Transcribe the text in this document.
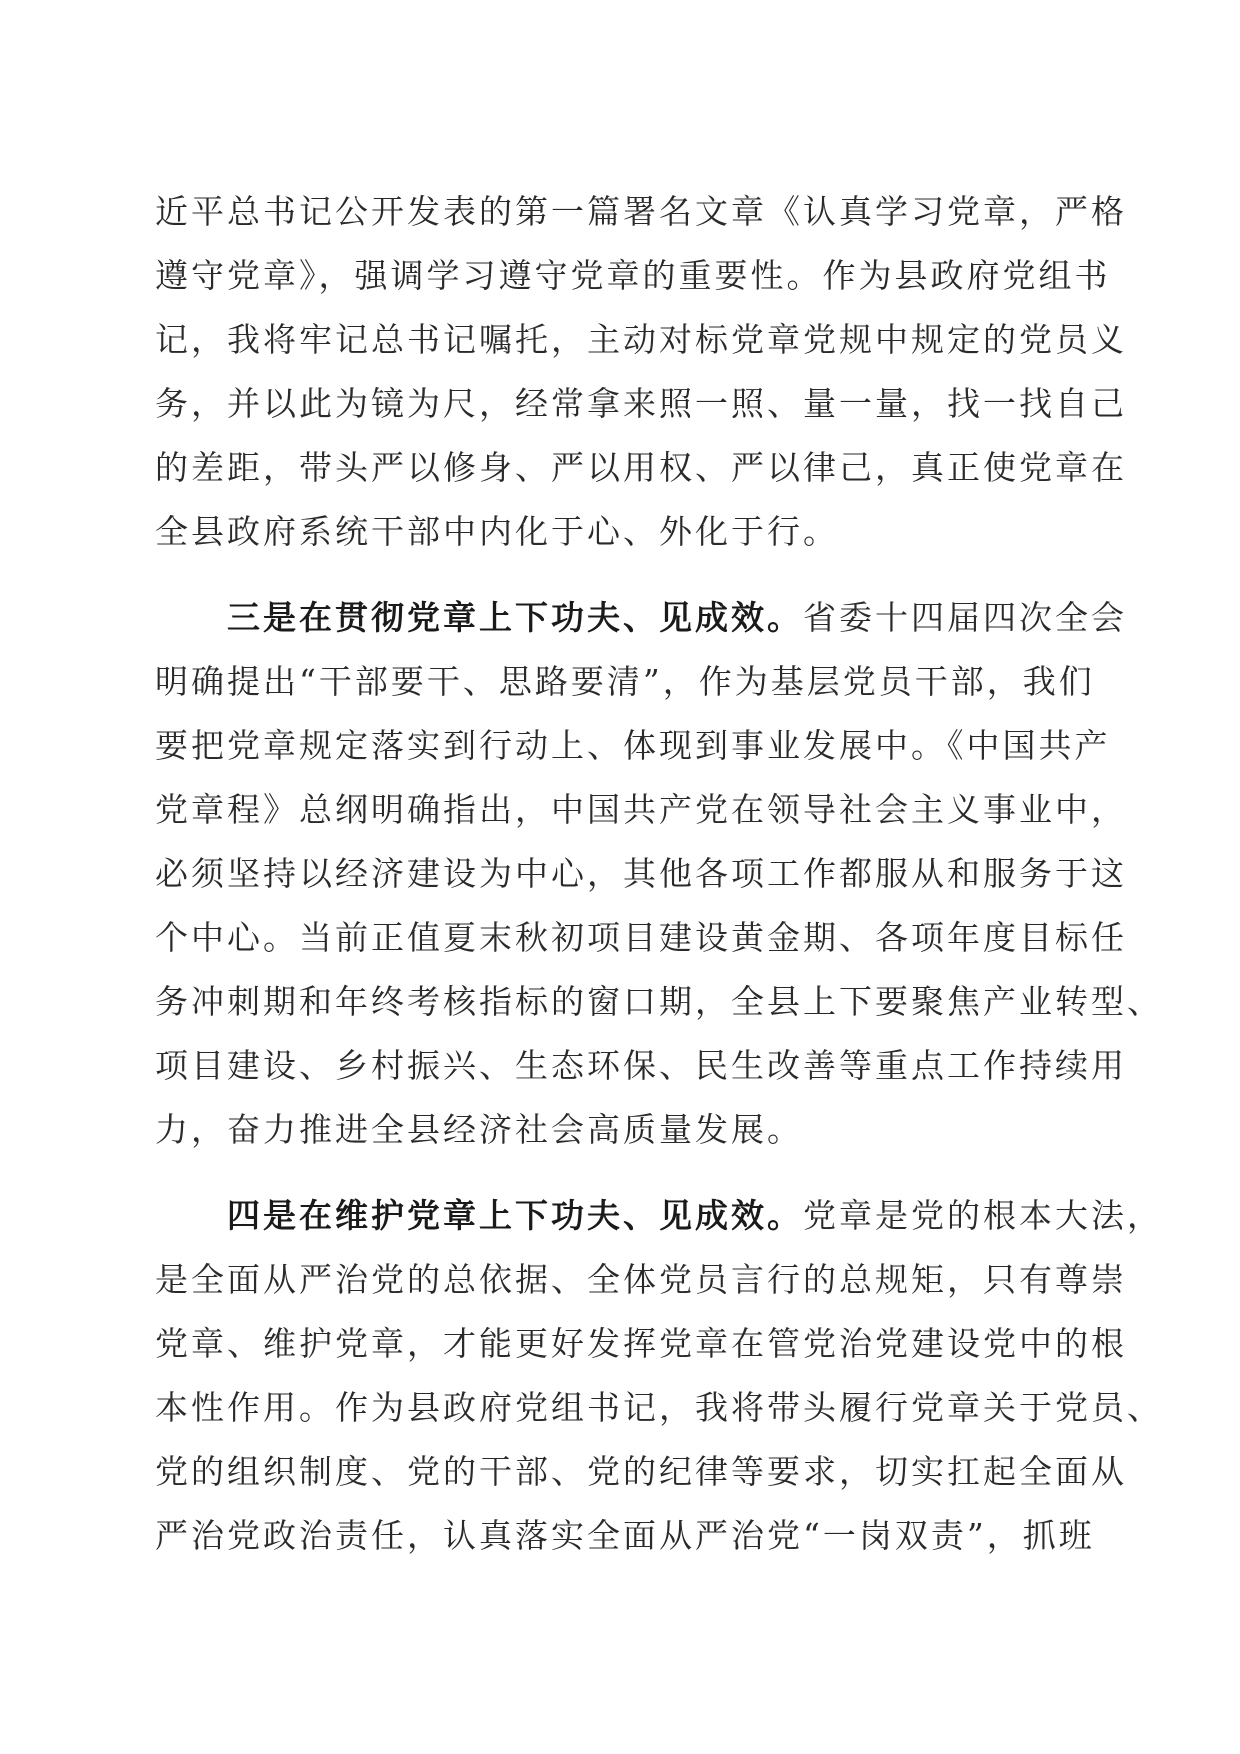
近平总书记公开发表的第一篇署名文章《认真学习党章，严格
遵守党章》，强调学习遵守党章的重要性。作为县政府党组书
记，我将牢记总书记嘱托，主动对标党章党规中规定的党员义
务，并以此为镜为尺，经常拿来照一照、量一量，找一找自己
的差距，带头严以修身、严以用权、严以律己，真正使党章在
全县政府系统干部中内化于心、外化于行。
三是在贯彻党章上下功夫、见成效。省委十四届四次全会
明确提出“干部要干、思路要清”，作为基层党员干部，我们
要把党章规定落实到行动上、体现到事业发展中。《中国共产
党章程》总纲明确指出，中国共产党在领导社会主义事业中，
必须坚持以经济建设为中心，其他各项工作都服从和服务于这
个中心。当前正值夏末秋初项目建设黄金期、各项年度目标任
务冲刺期和年终考核指标的窗口期，全县上下要聚焦产业转型、
项目建设、乡村振兴、生态环保、民生改善等重点工作持续用
力，奋力推进全县经济社会高质量发展。
四是在维护党章上下功夫、见成效。党章是党的根本大法，
是全面从严治党的总依据、全体党员言行的总规矩，只有尊崇
党章、维护党章，才能更好发挥党章在管党治党建设党中的根
本性作用。作为县政府党组书记，我将带头履行党章关于党员、
党的组织制度、党的干部、党的纪律等要求，切实扛起全面从
严治党政治责任，认真落实全面从严治党“一岗双责”，抓班
